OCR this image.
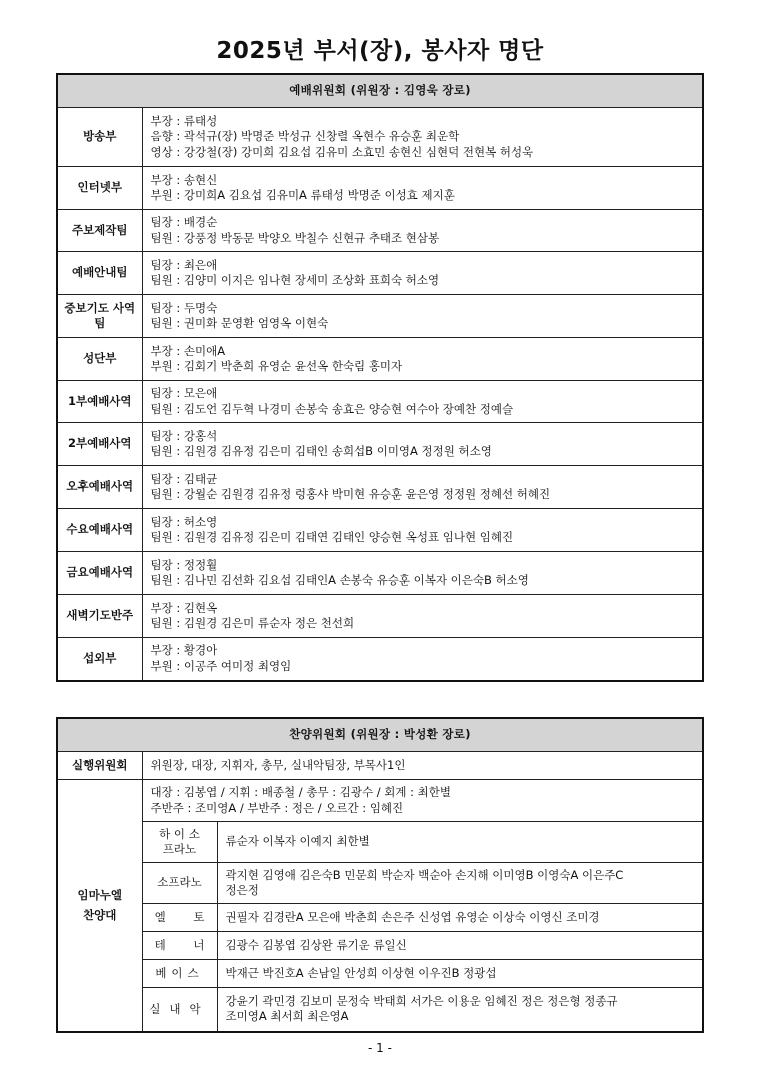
2025년 부서(장), 봉사자 명단
예배위원회 (위원장 : 김영욱 장로)	
방송부	부장 : 류태성
음향 : 곽석규(장) 박명준 박성규 신창렬 옥현수 유승훈 최운학
영상 : 강강철(장) 강미희 김요섭 김유미 소효민 송현신 심현덕 전현복 허성욱

인터넷부	부장 : 송현신
부원 : 강미희A 김요섭 김유미A 류태성 박명준 이성효 제지훈

주보제작팀	팀장 : 배경순
팀원 : 강풍정 박동문 박양오 박칠수 신현규 추태조 현삼봉

예배안내팀	팀장 : 최은애
팀원 : 김양미 이지은 임나현 장세미 조상화 표희숙 허소영

중보기도 사역팀	팀장 : 두명숙
팀원 : 권미화 문영환 엄영옥 이현숙

성단부	부장 : 손미애A
부원 : 김회기 박춘희 유영순 윤선옥 한숙림 홍미자

1부예배사역	팀장 : 모은애
팀원 : 김도언 김두혁 나경미 손봉숙 송효은 양승현 여수아 장예찬 정예슬

2부예배사역	팀장 : 강홍석
팀원 : 김원경 김유정 김은미 김태인 송희섭B 이미영A 정정원 허소영

오후예배사역	팀장 : 김태균
팀원 : 강월순 김원경 김유정 렁홍샤 박미현 유승훈 윤은영 정정원 정혜선 허혜진

수요예배사역	팀장 : 허소영
팀원 : 김원경 김유정 김은미 김태연 김태인 양승현 옥성표 임나현 임혜진

금요예배사역	팀장 : 정정훨
팀원 : 김나민 김선화 김요섭 김태인A 손봉숙 유승훈 이복자 이은숙B 허소영

새벽기도반주	부장 : 김현옥
팀원 : 김원경 김은미 류순자 정은 천선희

섭외부	부장 : 황경아
부원 : 이공주 여미정 최영임
찬양위원회 (위원장 : 박성환 장로)		
실행위원회	위원장, 대장, 지휘자, 총무, 실내악팀장, 부목사1인	

임마누엘 찬양대	대장 : 김봉엽 / 지휘 : 배종철 / 총무 : 김광수 / 회계 : 최한별
주반주 : 조미영A / 부반주 : 정은 / 오르간 : 임혜진	

	하 이 소프라노	류순자 이복자 이예지 최한별

	소프라노	곽지현 김영애 김은숙B 민문희 박순자 백순아 손지해 이미영B 이영숙A 이은주C
정은정

	엘 토	권필자 김경란A 모은애 박춘희 손은주 신성엽 유영순 이상숙 이영신 조미경

	테 너	김광수 김봉엽 김상완 류기운 류일신

	베이스	박재근 박진호A 손남일 안성희 이상현 이우진B 정광섭

	실내악	강윤기 곽민경 김보미 문정숙 박태희 서가은 이용운 임혜진 정은 정은형 정종규
조미영A 최서희 최은영A
- 1 -
